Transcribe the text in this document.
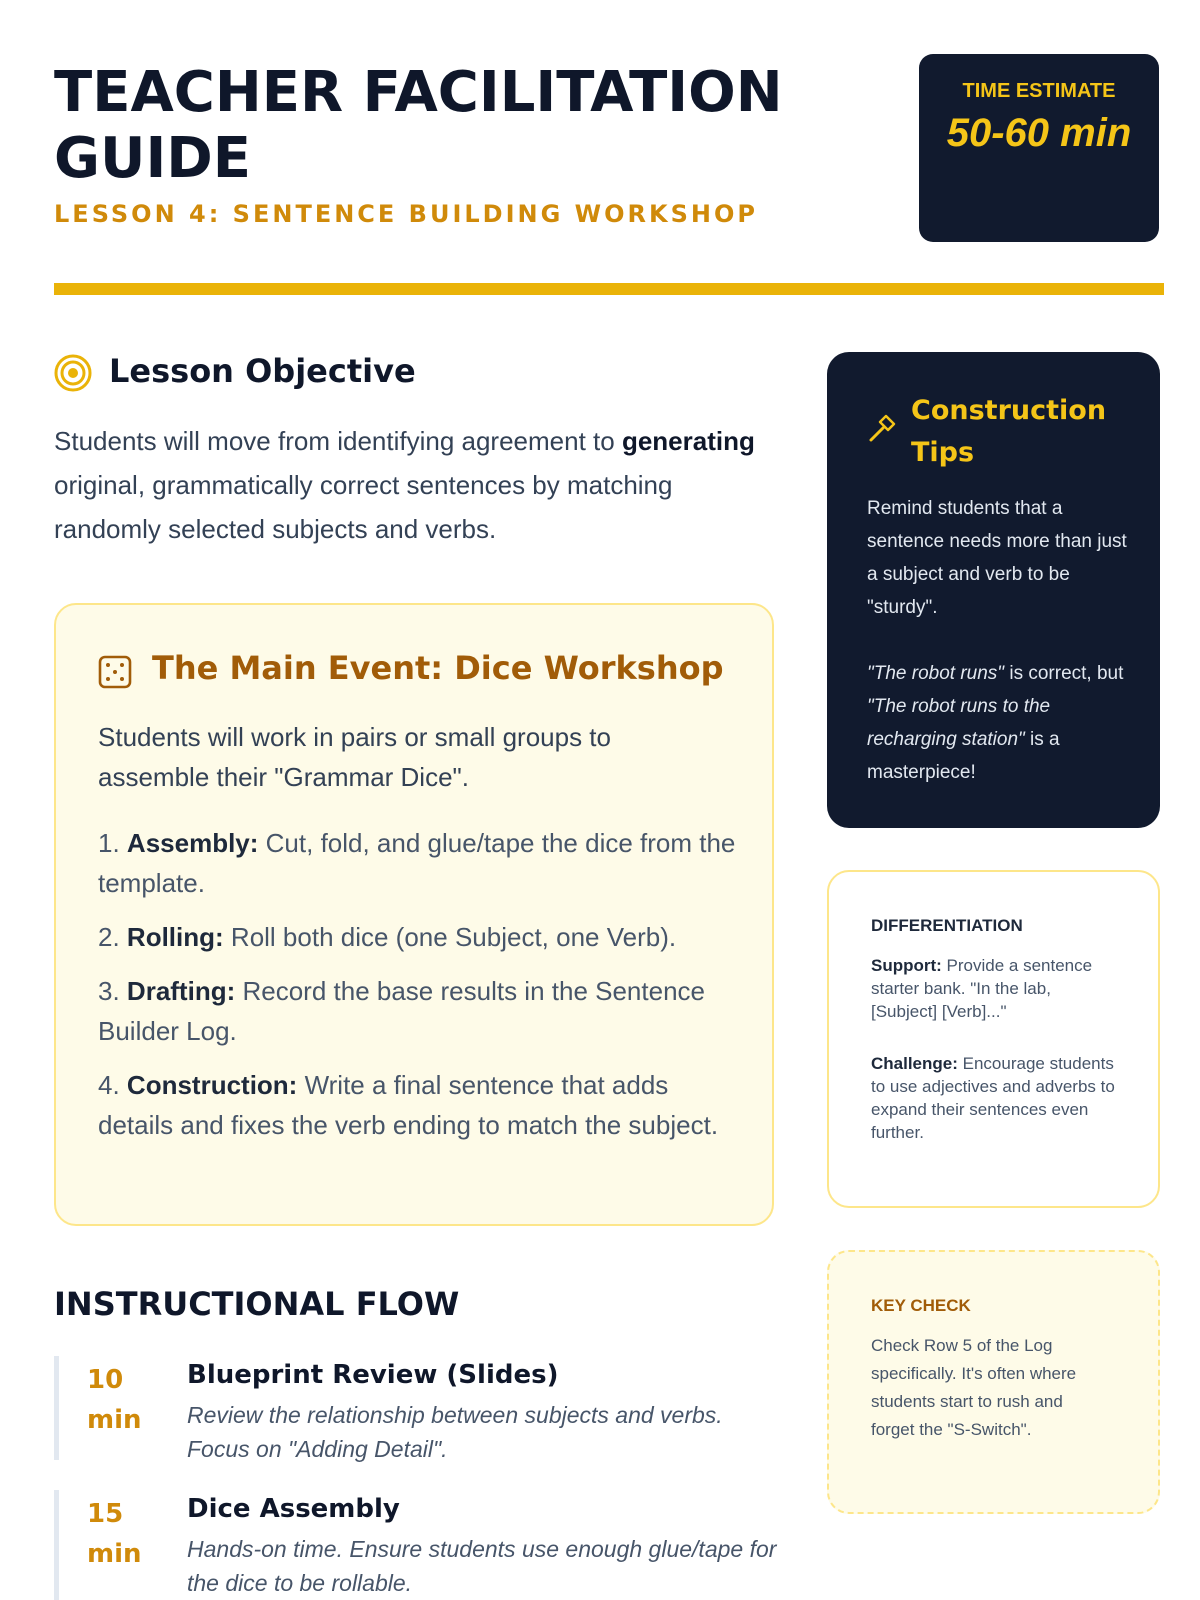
TEACHER FACILITATION GUIDE
LESSON 4: SENTENCE BUILDING WORKSHOP
TIME ESTIMATE
50-60 min
Lesson Objective

Students will move from identifying agreement to generating original, grammatically correct sentences by matching randomly selected subjects and verbs.

The Main Event: Dice Workshop

Students will work in pairs or small groups to assemble their "Grammar Dice".

1. Assembly: Cut, fold, and glue/tape the dice from the template.
2. Rolling: Roll both dice (one Subject, one Verb).
3. Drafting: Record the base results in the Sentence Builder Log.
4. Construction: Write a final sentence that adds details and fixes the verb ending to match the subject.
INSTRUCTIONAL FLOW
10 min
Blueprint Review (Slides)
Review the relationship between subjects and verbs. Focus on "Adding Detail".
15 min
Dice Assembly
Hands-on time. Ensure students use enough glue/tape for the dice to be rollable.
Construction Tips

Remind students that a sentence needs more than just a subject and verb to be "sturdy".

"The robot runs" is correct, but "The robot runs to the recharging station" is a masterpiece!

DIFFERENTIATION

Support: Provide a sentence starter bank. "In the lab, [Subject] [Verb]..."

Challenge: Encourage students to use adjectives and adverbs to expand their sentences even further.

KEY CHECK

Check Row 5 of the Log specifically. It's often where students start to rush and forget the "S-Switch".
